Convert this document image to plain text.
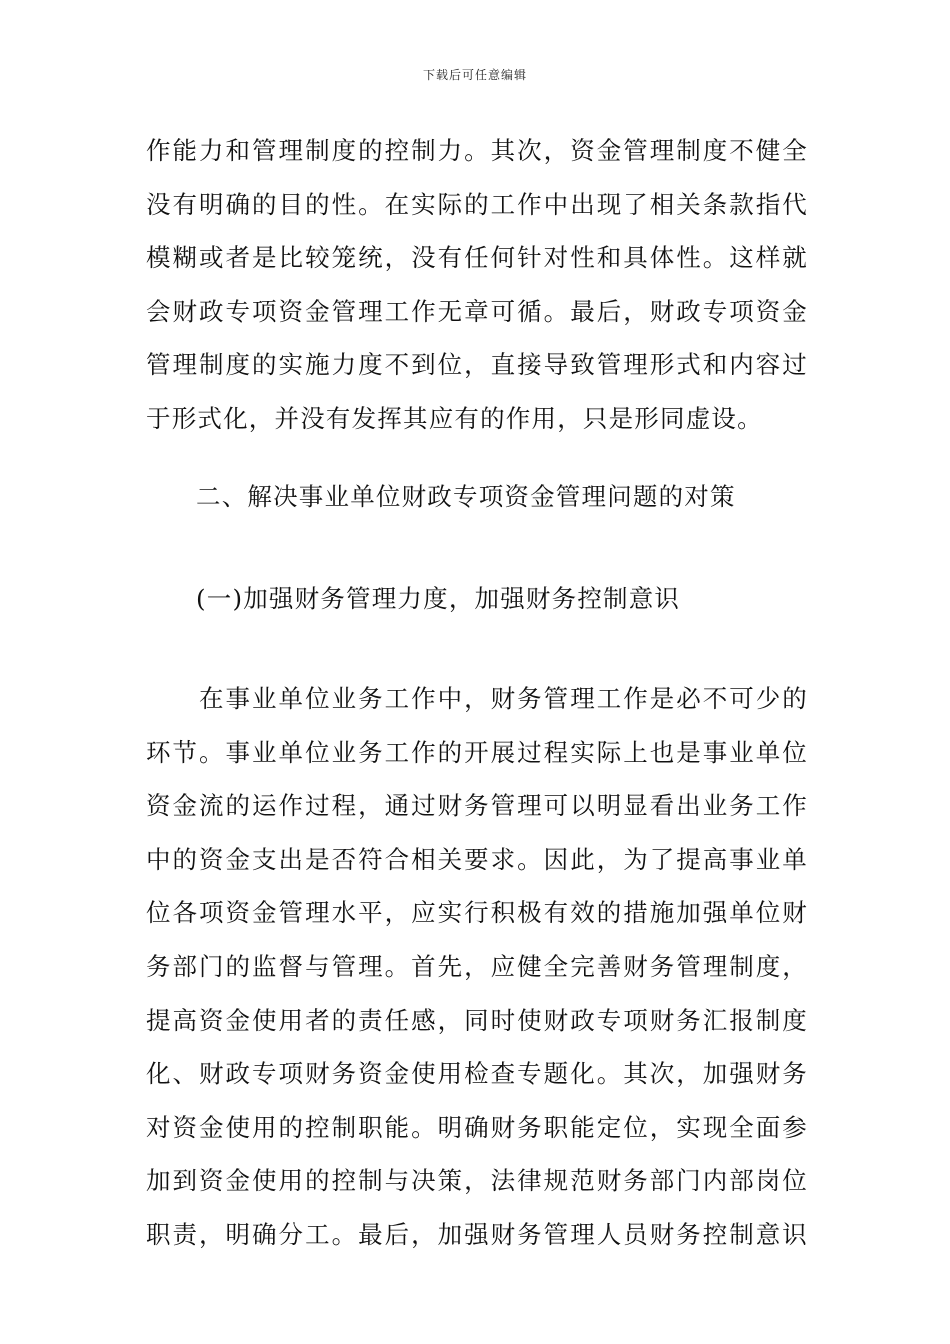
下载后可任意编辑
作能力和管理制度的控制力。其次，资金管理制度不健全
没有明确的目的性。在实际的工作中出现了相关条款指代
模糊或者是比较笼统，没有任何针对性和具体性。这样就
会财政专项资金管理工作无章可循。最后，财政专项资金
管理制度的实施力度不到位，直接导致管理形式和内容过
于形式化，并没有发挥其应有的作用，只是形同虚设。
二、解决事业单位财政专项资金管理问题的对策
(一)加强财务管理力度，加强财务控制意识
　　在事业单位业务工作中，财务管理工作是必不可少的
环节。事业单位业务工作的开展过程实际上也是事业单位
资金流的运作过程，通过财务管理可以明显看出业务工作
中的资金支出是否符合相关要求。因此，为了提高事业单
位各项资金管理水平，应实行积极有效的措施加强单位财
务部门的监督与管理。首先，应健全完善财务管理制度，
提高资金使用者的责任感，同时使财政专项财务汇报制度
化、财政专项财务资金使用检查专题化。其次，加强财务
对资金使用的控制职能。明确财务职能定位，实现全面参
加到资金使用的控制与决策，法律规范财务部门内部岗位
职责，明确分工。最后，加强财务管理人员财务控制意识
